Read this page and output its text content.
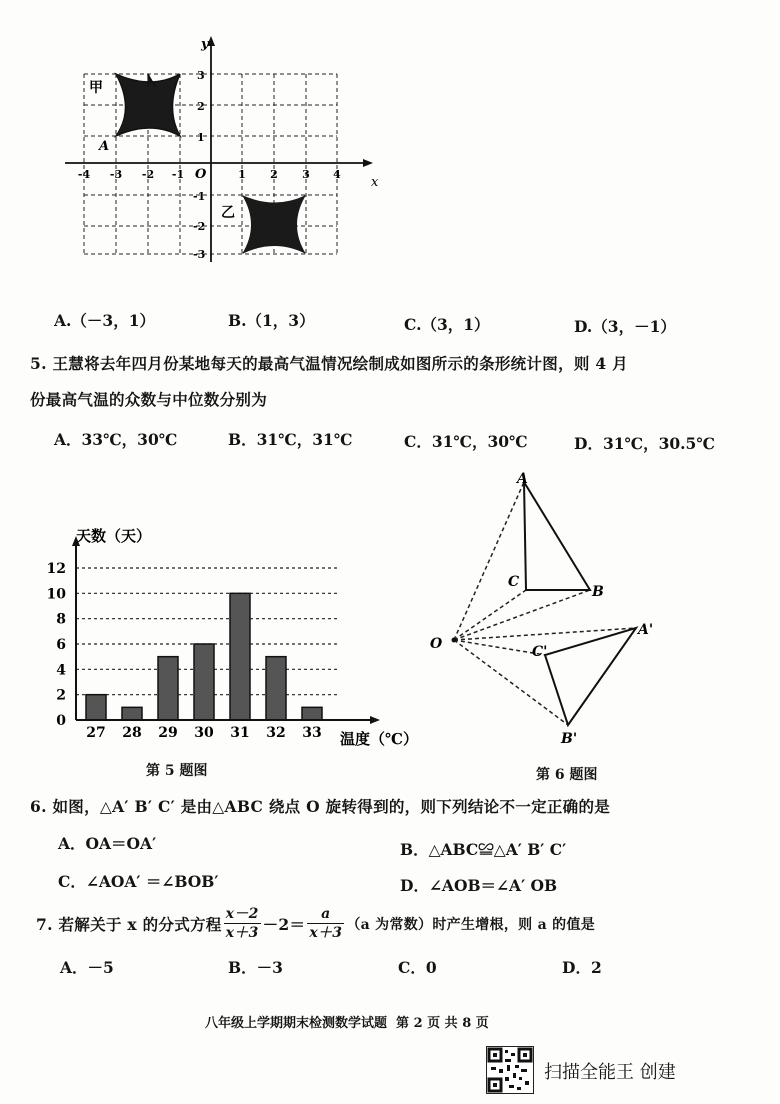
x
y
O
-4 -3 -2 -1	1 2 3 4
3
2
1
-1
-2
-3
甲
A
乙
A.（－3，1）	B.（1，3）	C.（3，1）	D.（3，－1）
5. 王慧将去年四月份某地每天的最高气温情况绘制成如图所示的条形统计图，则 4 月
份最高气温的众数与中位数分别为
A．33℃，30℃	B．31℃，31℃	C．31℃，30℃	D．31℃，30.5℃
0
2
4
6
8
10
12
27 28 29 30 31 32 33
天数（天）
温度（℃）
第 5 题图
A
B
C
O
A'
B'
C'
第 6 题图
6. 如图，△A′ B′ C′ 是由△ABC 绕点 O 旋转得到的，则下列结论不一定正确的是
A．OA＝OA′	B．△ABC≌△A′ B′ C′
C．∠AOA′ ＝∠BOB′	D．∠AOB＝∠A′ OB
7. 若解关于 x 的分式方程 $\frac{x-2}{x+3} -2= \frac{a}{x+3} (a$ 为常数）时产生增根，则 a 的值是
A．－5	B．－3	C．0	D．2
八年级上学期期末检测数学试题  第 2 页 共 8 页
扫描全能王 创建
